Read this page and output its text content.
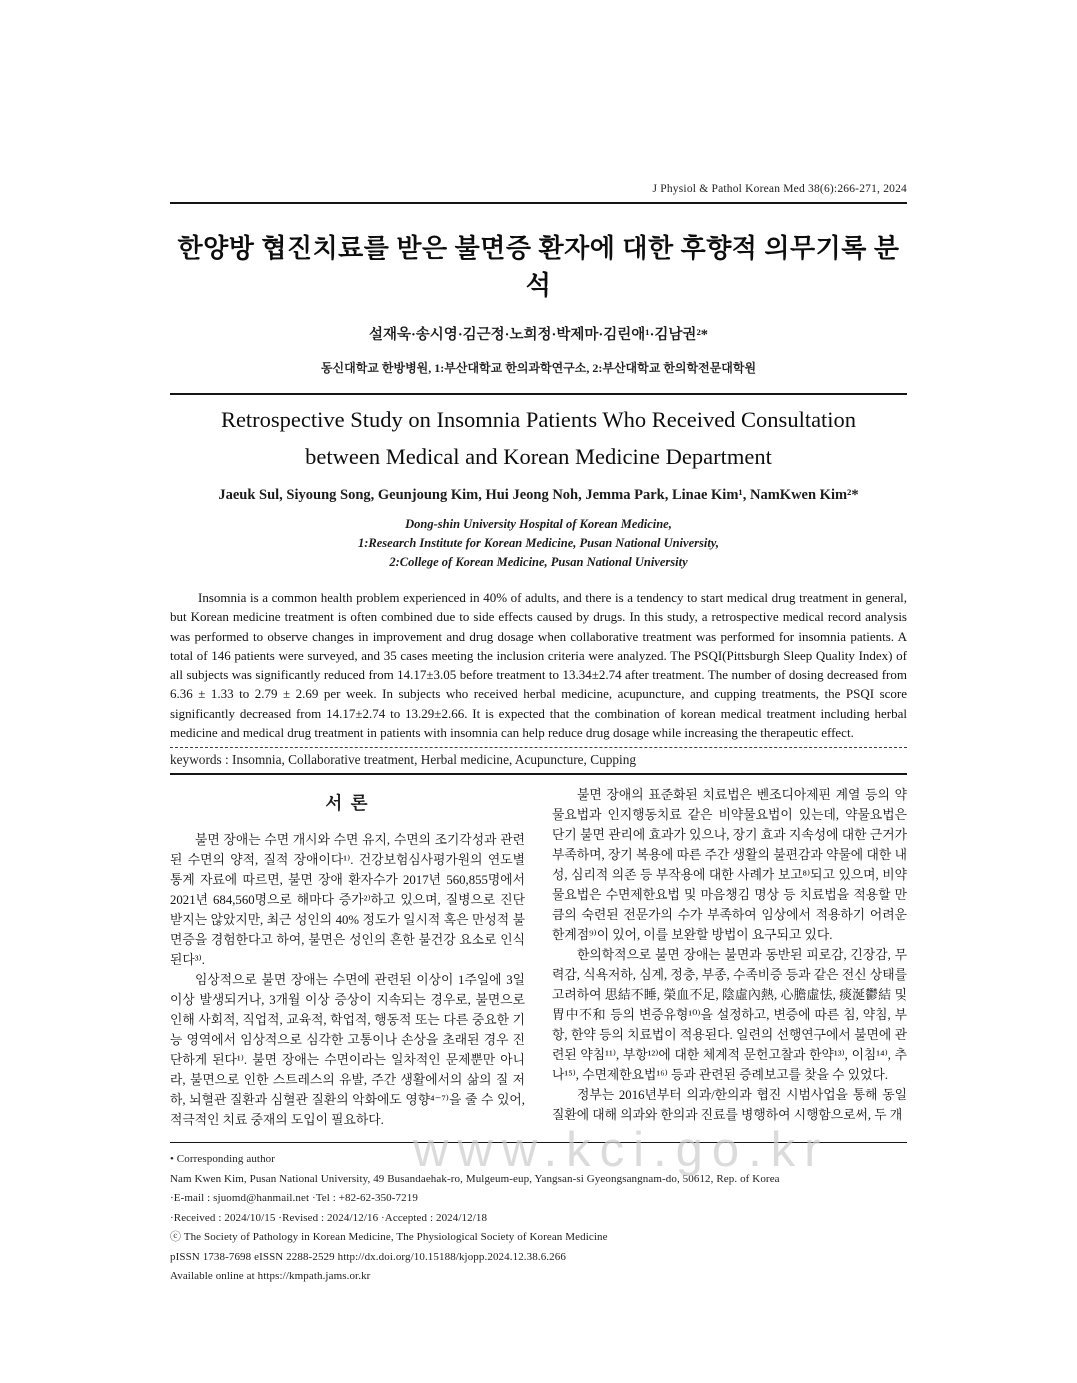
J Physiol & Pathol Korean Med 38(6):266-271, 2024
한양방 협진치료를 받은 불면증 환자에 대한 후향적 의무기록 분석
설재욱·송시영·김근정·노희정·박제마·김린애¹·김남권²*
동신대학교 한방병원, 1:부산대학교 한의과학연구소, 2:부산대학교 한의학전문대학원
Retrospective Study on Insomnia Patients Who Received Consultation
between Medical and Korean Medicine Department
Jaeuk Sul, Siyoung Song, Geunjoung Kim, Hui Jeong Noh, Jemma Park, Linae Kim¹, NamKwen Kim²*
Dong-shin University Hospital of Korean Medicine,
1:Research Institute for Korean Medicine, Pusan National University,
2:College of Korean Medicine, Pusan National University
Insomnia is a common health problem experienced in 40% of adults, and there is a tendency to start medical drug treatment in general, but Korean medicine treatment is often combined due to side effects caused by drugs. In this study, a retrospective medical record analysis was performed to observe changes in improvement and drug dosage when collaborative treatment was performed for insomnia patients. A total of 146 patients were surveyed, and 35 cases meeting the inclusion criteria were analyzed. The PSQI(Pittsburgh Sleep Quality Index) of all subjects was significantly reduced from 14.17±3.05 before treatment to 13.34±2.74 after treatment. The number of dosing decreased from 6.36 ± 1.33 to 2.79 ± 2.69 per week. In subjects who received herbal medicine, acupuncture, and cupping treatments, the PSQI score significantly decreased from 14.17±2.74 to 13.29±2.66. It is expected that the combination of korean medical treatment including herbal medicine and medical drug treatment in patients with insomnia can help reduce drug dosage while increasing the therapeutic effect.
keywords : Insomnia, Collaborative treatment, Herbal medicine, Acupuncture, Cupping
서 론

불면 장애는 수면 개시와 수면 유지, 수면의 조기각성과 관련된 수면의 양적, 질적 장애이다¹⁾. 건강보험심사평가원의 연도별 통계 자료에 따르면, 불면 장애 환자수가 2017년 560,855명에서 2021년 684,560명으로 해마다 증가²⁾하고 있으며, 질병으로 진단받지는 않았지만, 최근 성인의 40% 정도가 일시적 혹은 만성적 불면증을 경험한다고 하여, 불면은 성인의 흔한 불건강 요소로 인식된다³⁾.

임상적으로 불면 장애는 수면에 관련된 이상이 1주일에 3일 이상 발생되거나, 3개월 이상 증상이 지속되는 경우로, 불면으로 인해 사회적, 직업적, 교육적, 학업적, 행동적 또는 다른 중요한 기능 영역에서 임상적으로 심각한 고통이나 손상을 초래된 경우 진단하게 된다¹⁾. 불면 장애는 수면이라는 일차적인 문제뿐만 아니라, 불면으로 인한 스트레스의 유발, 주간 생활에서의 삶의 질 저하, 뇌혈관 질환과 심혈관 질환의 악화에도 영향⁴⁻⁷⁾을 줄 수 있어, 적극적인 치료 중재의 도입이 필요하다.

불면 장애의 표준화된 치료법은 벤조디아제핀 계열 등의 약물요법과 인지행동치료 같은 비약물요법이 있는데, 약물요법은 단기 불면 관리에 효과가 있으나, 장기 효과 지속성에 대한 근거가 부족하며, 장기 복용에 따른 주간 생활의 불편감과 약물에 대한 내성, 심리적 의존 등 부작용에 대한 사례가 보고⁸⁾되고 있으며, 비약물요법은 수면제한요법 및 마음챙김 명상 등 치료법을 적용할 만큼의 숙련된 전문가의 수가 부족하여 임상에서 적용하기 어려운 한계점⁹⁾이 있어, 이를 보완할 방법이 요구되고 있다.

한의학적으로 불면 장애는 불면과 동반된 피로감, 긴장감, 무력감, 식욕저하, 심계, 정충, 부종, 수족비증 등과 같은 전신 상태를 고려하여 思結不睡, 榮血不足, 陰虛內熱, 心膽虛怯, 痰涎鬱結 및 胃中不和 등의 변증유형¹⁰⁾을 설정하고, 변증에 따른 침, 약침, 부항, 한약 등의 치료법이 적용된다. 일련의 선행연구에서 불면에 관련된 약침¹¹⁾, 부항¹²⁾에 대한 체계적 문헌고찰과 한약¹³⁾, 이침¹⁴⁾, 추나¹⁵⁾, 수면제한요법¹⁶⁾ 등과 관련된 증례보고를 찾을 수 있었다.

정부는 2016년부터 의과/한의과 협진 시범사업을 통해 동일 질환에 대해 의과와 한의과 진료를 병행하여 시행함으로써, 두 개

• Corresponding author

Nam Kwen Kim, Pusan National University, 49 Busandaehak-ro, Mulgeum-eup, Yangsan-si Gyeongsangnam-do, 50612, Rep. of Korea

·E-mail : sjuomd@hanmail.net ·Tel : +82-62-350-7219

·Received : 2024/10/15 ·Revised : 2024/12/16 ·Accepted : 2024/12/18

ⓒ The Society of Pathology in Korean Medicine, The Physiological Society of Korean Medicine

pISSN 1738-7698 eISSN 2288-2529 http://dx.doi.org/10.15188/kjopp.2024.12.38.6.266

Available online at https://kmpath.jams.or.kr

www.kci.go.kr
